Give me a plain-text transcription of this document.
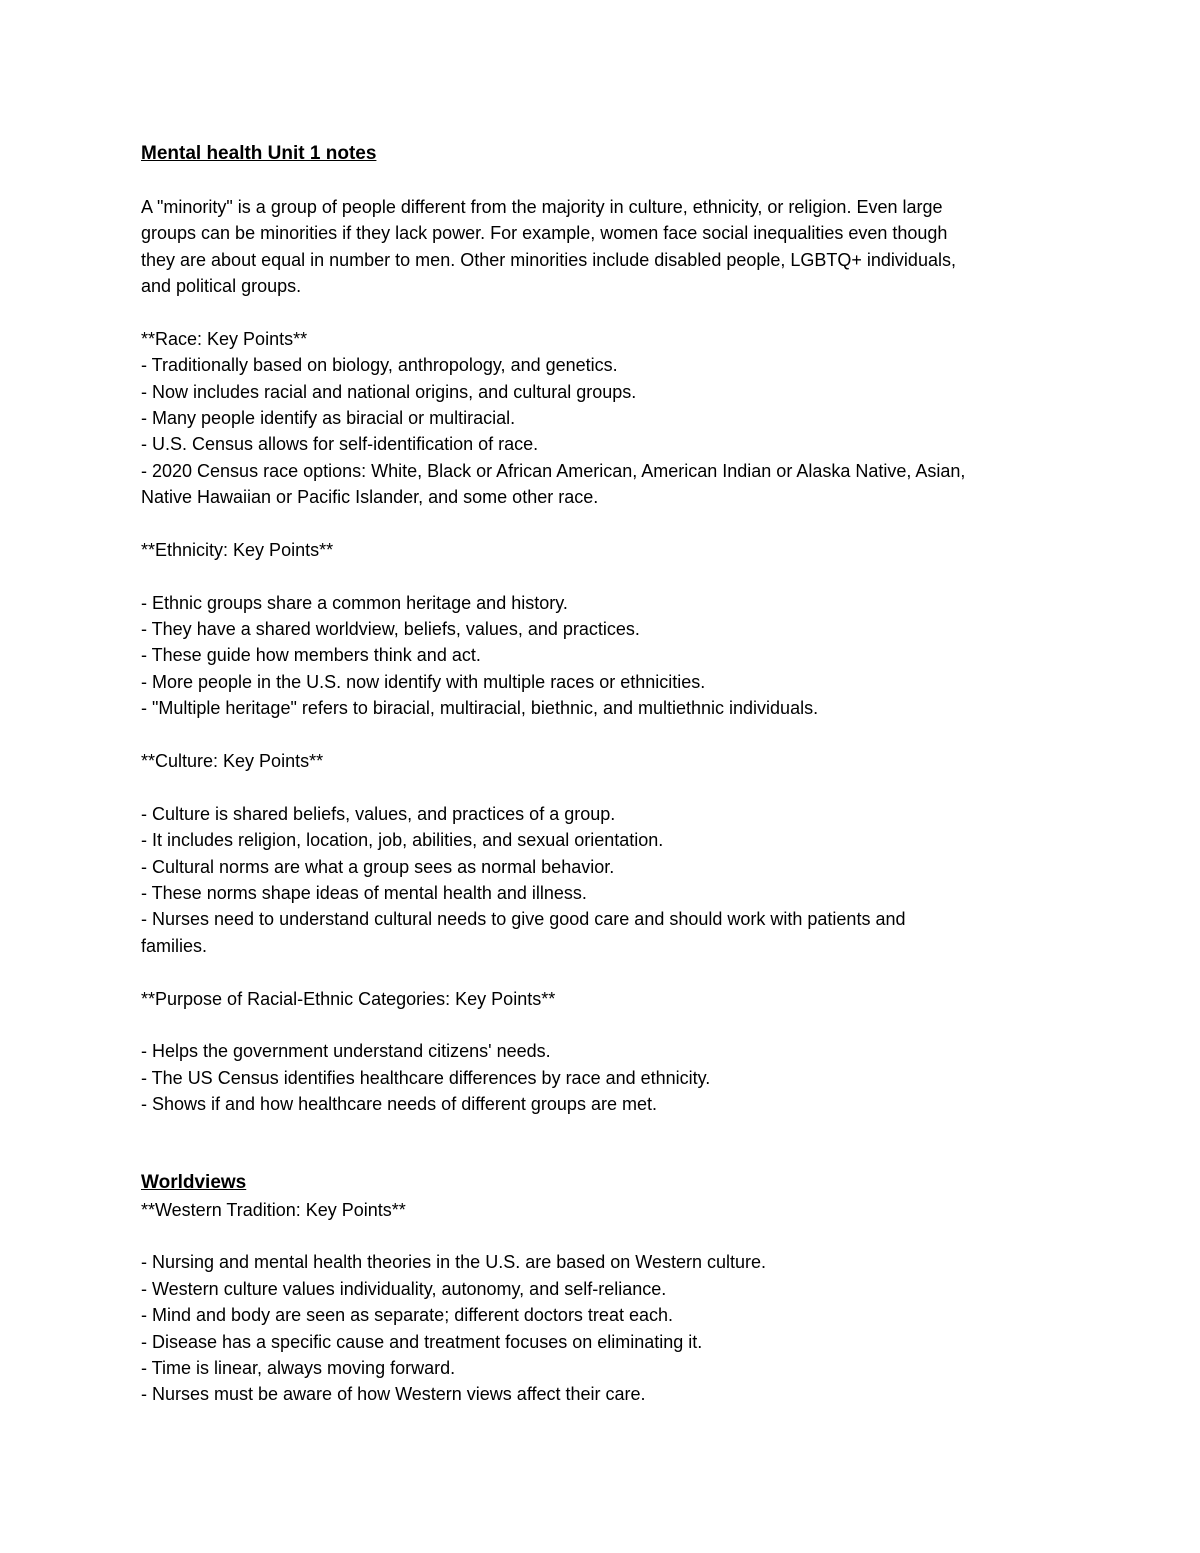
Mental health Unit 1 notes
A "minority" is a group of people different from the majority in culture, ethnicity, or religion. Even large
groups can be minorities if they lack power. For example, women face social inequalities even though
they are about equal in number to men. Other minorities include disabled people, LGBTQ+ individuals,
and political groups.
**Race: Key Points**
- Traditionally based on biology, anthropology, and genetics.
- Now includes racial and national origins, and cultural groups.
- Many people identify as biracial or multiracial.
- U.S. Census allows for self-identification of race.
- 2020 Census race options: White, Black or African American, American Indian or Alaska Native, Asian,
Native Hawaiian or Pacific Islander, and some other race.
**Ethnicity: Key Points**
- Ethnic groups share a common heritage and history.
- They have a shared worldview, beliefs, values, and practices.
- These guide how members think and act.
- More people in the U.S. now identify with multiple races or ethnicities.
- "Multiple heritage" refers to biracial, multiracial, biethnic, and multiethnic individuals.
**Culture: Key Points**
- Culture is shared beliefs, values, and practices of a group.
- It includes religion, location, job, abilities, and sexual orientation.
- Cultural norms are what a group sees as normal behavior.
- These norms shape ideas of mental health and illness.
- Nurses need to understand cultural needs to give good care and should work with patients and
families.
**Purpose of Racial-Ethnic Categories: Key Points**
- Helps the government understand citizens' needs.
- The US Census identifies healthcare differences by race and ethnicity.
- Shows if and how healthcare needs of different groups are met.
Worldviews
**Western Tradition: Key Points**
- Nursing and mental health theories in the U.S. are based on Western culture.
- Western culture values individuality, autonomy, and self-reliance.
- Mind and body are seen as separate; different doctors treat each.
- Disease has a specific cause and treatment focuses on eliminating it.
- Time is linear, always moving forward.
- Nurses must be aware of how Western views affect their care.
